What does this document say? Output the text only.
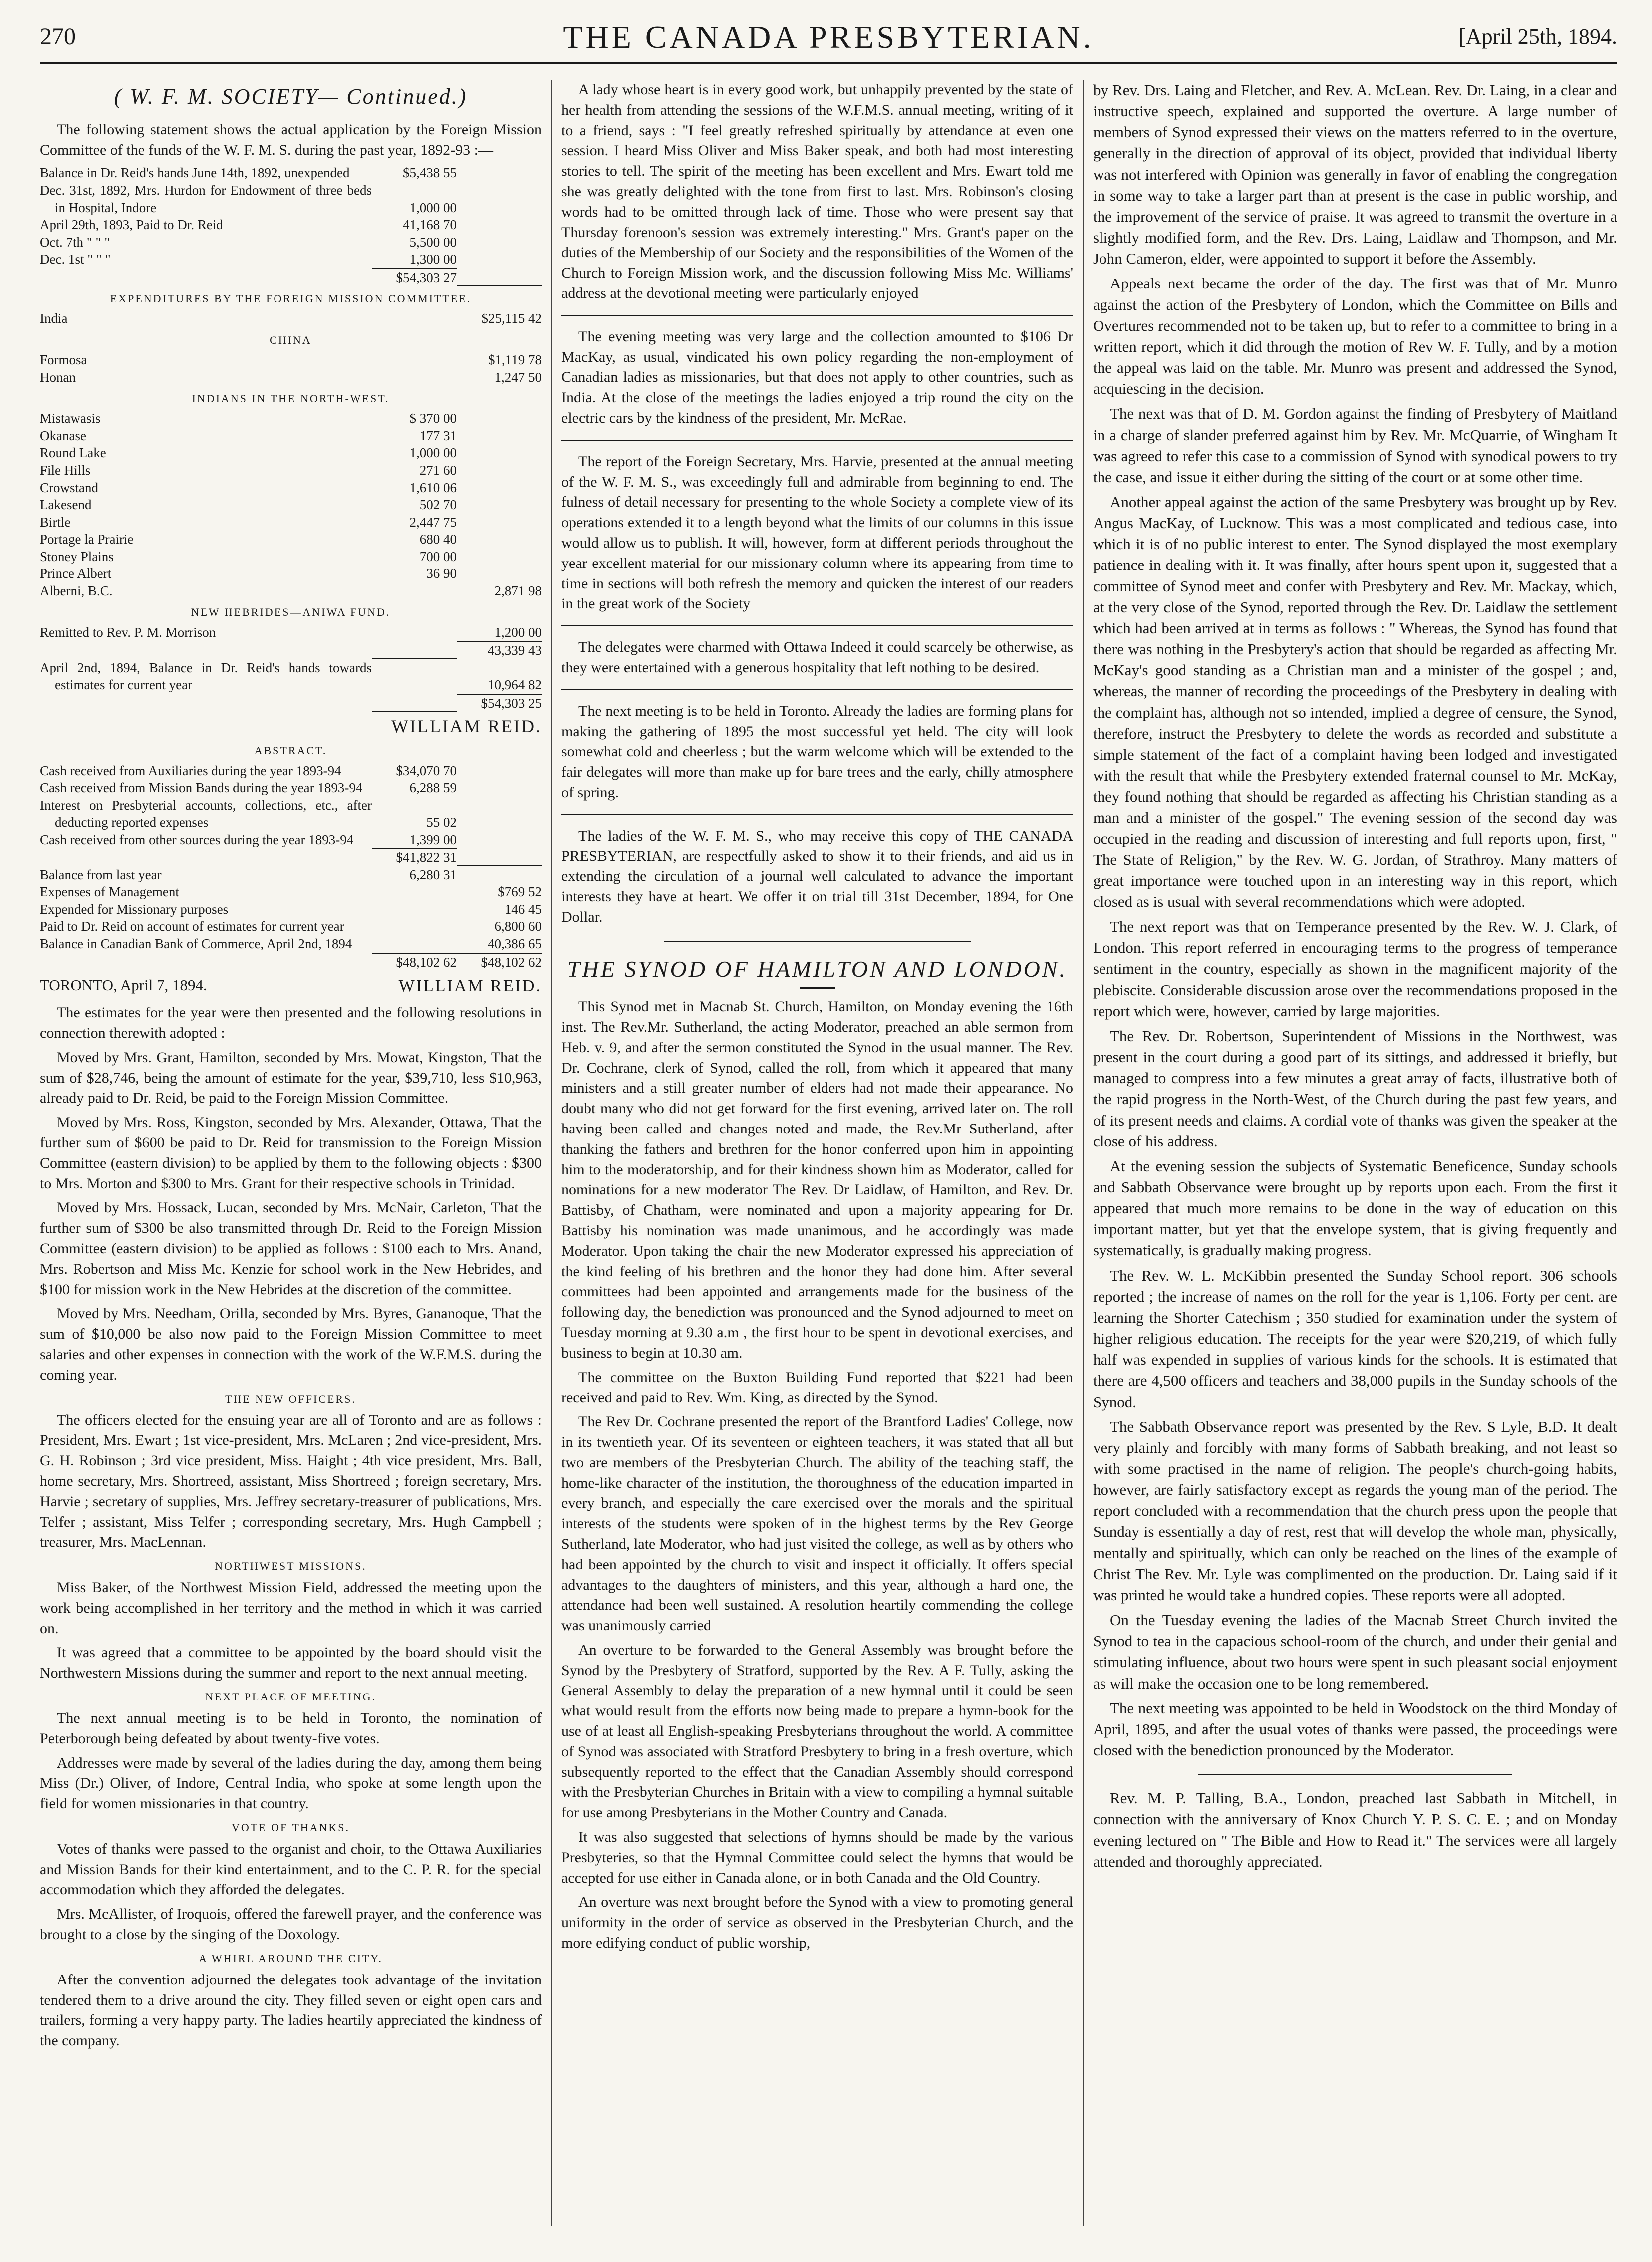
270	THE CANADA PRESBYTERIAN.	[April 25th, 1894.
( W. F. M. SOCIETY— Continued.)

The following statement shows the actual application by the Foreign Mission Committee of the funds of the W. F. M. S. during the past year, 1892-93 :—

Balance in Dr. Reid's hands June 14th, 1892, unexpended	$5,438 55
Dec. 31st, 1892, Mrs. Hurdon for Endowment of three beds in Hospital, Indore	1,000 00
April 29th, 1893, Paid to Dr. Reid	41,168 70
Oct. 7th " " "	5,500 00
Dec. 1st " " "	1,300 00
$54,303 27
EXPENDITURES BY THE FOREIGN MISSION COMMITTEE.
India	$25,115 42
CHINA
Formosa	$1,119 78
Honan	1,247 50
INDIANS IN THE NORTH-WEST.
Mistawasis	$ 370 00
Okanase	177 31
Round Lake	1,000 00
File Hills	271 60
Crowstand	1,610 06
Lakesend	502 70
Birtle	2,447 75
Portage la Prairie	680 40
Stoney Plains	700 00
Prince Albert	36 90
Alberni, B.C.	2,871 98
NEW HEBRIDES—ANIWA FUND.
Remitted to Rev. P. M. Morrison	1,200 00
43,339 43
April 2nd, 1894, Balance in Dr. Reid's hands towards estimates for current year	10,964 82
$54,303 25
WILLIAM REID.
ABSTRACT.
Cash received from Auxiliaries during the year 1893-94	$34,070 70
Cash received from Mission Bands during the year 1893-94	6,288 59
Interest on Presbyterial accounts, collections, etc., after deducting reported expenses	55 02
Cash received from other sources during the year 1893-94	1,399 00
$41,822 31
Balance from last year	6,280 31
Expenses of Management	$769 52
Expended for Missionary purposes	146 45
Paid to Dr. Reid on account of estimates for current year	6,800 60
Balance in Canadian Bank of Commerce, April 2nd, 1894	40,386 65
$48,102 62	$48,102 62
TORONTO, April 7, 1894.	WILLIAM REID.

The estimates for the year were then presented and the following resolutions in connection therewith adopted :

Moved by Mrs. Grant, Hamilton, seconded by Mrs. Mowat, Kingston, That the sum of $28,746, being the amount of estimate for the year, $39,710, less $10,963, already paid to Dr. Reid, be paid to the Foreign Mission Committee.

Moved by Mrs. Ross, Kingston, seconded by Mrs. Alexander, Ottawa, That the further sum of $600 be paid to Dr. Reid for transmission to the Foreign Mission Committee (eastern division) to be applied by them to the following objects : $300 to Mrs. Morton and $300 to Mrs. Grant for their respective schools in Trinidad.

Moved by Mrs. Hossack, Lucan, seconded by Mrs. McNair, Carleton, That the further sum of $300 be also transmitted through Dr. Reid to the Foreign Mission Committee (eastern division) to be applied as follows : $100 each to Mrs. Anand, Mrs. Robertson and Miss Mc. Kenzie for school work in the New Hebrides, and $100 for mission work in the New Hebrides at the discretion of the committee.

Moved by Mrs. Needham, Orilla, seconded by Mrs. Byres, Gananoque, That the sum of $10,000 be also now paid to the Foreign Mission Committee to meet salaries and other expenses in connection with the work of the W.F.M.S. during the coming year.

THE NEW OFFICERS.

The officers elected for the ensuing year are all of Toronto and are as follows : President, Mrs. Ewart ; 1st vice-president, Mrs. McLaren ; 2nd vice-president, Mrs. G. H. Robinson ; 3rd vice president, Miss. Haight ; 4th vice president, Mrs. Ball, home secretary, Mrs. Shortreed, assistant, Miss Shortreed ; foreign secretary, Mrs. Harvie ; secretary of supplies, Mrs. Jeffrey secretary-treasurer of publications, Mrs. Telfer ; assistant, Miss Telfer ; corresponding secretary, Mrs. Hugh Campbell ; treasurer, Mrs. MacLennan.

NORTHWEST MISSIONS.

Miss Baker, of the Northwest Mission Field, addressed the meeting upon the work being accomplished in her territory and the method in which it was carried on.

It was agreed that a committee to be appointed by the board should visit the Northwestern Missions during the summer and report to the next annual meeting.

NEXT PLACE OF MEETING.

The next annual meeting is to be held in Toronto, the nomination of Peterborough being defeated by about twenty-five votes.

Addresses were made by several of the ladies during the day, among them being Miss (Dr.) Oliver, of Indore, Central India, who spoke at some length upon the field for women missionaries in that country.

VOTE OF THANKS.

Votes of thanks were passed to the organist and choir, to the Ottawa Auxiliaries and Mission Bands for their kind entertainment, and to the C. P. R. for the special accommodation which they afforded the delegates.

Mrs. McAllister, of Iroquois, offered the farewell prayer, and the conference was brought to a close by the singing of the Doxology.

A WHIRL AROUND THE CITY.

After the convention adjourned the delegates took advantage of the invitation tendered them to a drive around the city. They filled seven or eight open cars and trailers, forming a very happy party. The ladies heartily appreciated the kindness of the company.

A lady whose heart is in every good work, but unhappily prevented by the state of her health from attending the sessions of the W.F.M.S. annual meeting, writing of it to a friend, says : "I feel greatly refreshed spiritually by attendance at even one session. I heard Miss Oliver and Miss Baker speak, and both had most interesting stories to tell. The spirit of the meeting has been excellent and Mrs. Ewart told me she was greatly delighted with the tone from first to last. Mrs. Robinson's closing words had to be omitted through lack of time. Those who were present say that Thursday forenoon's session was extremely interesting." Mrs. Grant's paper on the duties of the Membership of our Society and the responsibilities of the Women of the Church to Foreign Mission work, and the discussion following Miss Mc. Williams' address at the devotional meeting were particularly enjoyed

The evening meeting was very large and the collection amounted to $106 Dr MacKay, as usual, vindicated his own policy regarding the non-employment of Canadian ladies as missionaries, but that does not apply to other countries, such as India. At the close of the meetings the ladies enjoyed a trip round the city on the electric cars by the kindness of the president, Mr. McRae.

The report of the Foreign Secretary, Mrs. Harvie, presented at the annual meeting of the W. F. M. S., was exceedingly full and admirable from beginning to end. The fulness of detail necessary for presenting to the whole Society a complete view of its operations extended it to a length beyond what the limits of our columns in this issue would allow us to publish. It will, however, form at different periods throughout the year excellent material for our missionary column where its appearing from time to time in sections will both refresh the memory and quicken the interest of our readers in the great work of the Society

The delegates were charmed with Ottawa Indeed it could scarcely be otherwise, as they were entertained with a generous hospitality that left nothing to be desired.

The next meeting is to be held in Toronto. Already the ladies are forming plans for making the gathering of 1895 the most successful yet held. The city will look somewhat cold and cheerless ; but the warm welcome which will be extended to the fair delegates will more than make up for bare trees and the early, chilly atmosphere of spring.

The ladies of the W. F. M. S., who may receive this copy of THE CANADA PRESBYTERIAN, are respectfully asked to show it to their friends, and aid us in extending the circulation of a journal well calculated to advance the important interests they have at heart. We offer it on trial till 31st December, 1894, for One Dollar.

THE SYNOD OF HAMILTON AND LONDON.

This Synod met in Macnab St. Church, Hamilton, on Monday evening the 16th inst. The Rev.Mr. Sutherland, the acting Moderator, preached an able sermon from Heb. v. 9, and after the sermon constituted the Synod in the usual manner. The Rev. Dr. Cochrane, clerk of Synod, called the roll, from which it appeared that many ministers and a still greater number of elders had not made their appearance. No doubt many who did not get forward for the first evening, arrived later on. The roll having been called and changes noted and made, the Rev.Mr Sutherland, after thanking the fathers and brethren for the honor conferred upon him in appointing him to the moderatorship, and for their kindness shown him as Moderator, called for nominations for a new moderator The Rev. Dr Laidlaw, of Hamilton, and Rev. Dr. Battisby, of Chatham, were nominated and upon a majority appearing for Dr. Battisby his nomination was made unanimous, and he accordingly was made Moderator. Upon taking the chair the new Moderator expressed his appreciation of the kind feeling of his brethren and the honor they had done him. After several committees had been appointed and arrangements made for the business of the following day, the benediction was pronounced and the Synod adjourned to meet on Tuesday morning at 9.30 a.m , the first hour to be spent in devotional exercises, and business to begin at 10.30 am.

The committee on the Buxton Building Fund reported that $221 had been received and paid to Rev. Wm. King, as directed by the Synod.

The Rev Dr. Cochrane presented the report of the Brantford Ladies' College, now in its twentieth year. Of its seventeen or eighteen teachers, it was stated that all but two are members of the Presbyterian Church. The ability of the teaching staff, the home-like character of the institution, the thoroughness of the education imparted in every branch, and especially the care exercised over the morals and the spiritual interests of the students were spoken of in the highest terms by the Rev George Sutherland, late Moderator, who had just visited the college, as well as by others who had been appointed by the church to visit and inspect it officially. It offers special advantages to the daughters of ministers, and this year, although a hard one, the attendance had been well sustained. A resolution heartily commending the college was unanimously carried

An overture to be forwarded to the General Assembly was brought before the Synod by the Presbytery of Stratford, supported by the Rev. A F. Tully, asking the General Assembly to delay the preparation of a new hymnal until it could be seen what would result from the efforts now being made to prepare a hymn-book for the use of at least all English-speaking Presbyterians throughout the world. A committee of Synod was associated with Stratford Presbytery to bring in a fresh overture, which subsequently reported to the effect that the Canadian Assembly should correspond with the Presbyterian Churches in Britain with a view to compiling a hymnal suitable for use among Presbyterians in the Mother Country and Canada.

It was also suggested that selections of hymns should be made by the various Presbyteries, so that the Hymnal Committee could select the hymns that would be accepted for use either in Canada alone, or in both Canada and the Old Country.

An overture was next brought before the Synod with a view to promoting general uniformity in the order of service as observed in the Presbyterian Church, and the more edifying conduct of public worship,

by Rev. Drs. Laing and Fletcher, and Rev. A. McLean. Rev. Dr. Laing, in a clear and instructive speech, explained and supported the overture. A large number of members of Synod expressed their views on the matters referred to in the overture, generally in the direction of approval of its object, provided that individual liberty was not interfered with Opinion was generally in favor of enabling the congregation in some way to take a larger part than at present is the case in public worship, and the improvement of the service of praise. It was agreed to transmit the overture in a slightly modified form, and the Rev. Drs. Laing, Laidlaw and Thompson, and Mr. John Cameron, elder, were appointed to support it before the Assembly.

Appeals next became the order of the day. The first was that of Mr. Munro against the action of the Presbytery of London, which the Committee on Bills and Overtures recommended not to be taken up, but to refer to a committee to bring in a written report, which it did through the motion of Rev W. F. Tully, and by a motion the appeal was laid on the table. Mr. Munro was present and addressed the Synod, acquiescing in the decision.

The next was that of D. M. Gordon against the finding of Presbytery of Maitland in a charge of slander preferred against him by Rev. Mr. McQuarrie, of Wingham It was agreed to refer this case to a commission of Synod with synodical powers to try the case, and issue it either during the sitting of the court or at some other time.

Another appeal against the action of the same Presbytery was brought up by Rev. Angus MacKay, of Lucknow. This was a most complicated and tedious case, into which it is of no public interest to enter. The Synod displayed the most exemplary patience in dealing with it. It was finally, after hours spent upon it, suggested that a committee of Synod meet and confer with Presbytery and Rev. Mr. Mackay, which, at the very close of the Synod, reported through the Rev. Dr. Laidlaw the settlement which had been arrived at in terms as follows : " Whereas, the Synod has found that there was nothing in the Presbytery's action that should be regarded as affecting Mr. McKay's good standing as a Christian man and a minister of the gospel ; and, whereas, the manner of recording the proceedings of the Presbytery in dealing with the complaint has, although not so intended, implied a degree of censure, the Synod, therefore, instruct the Presbytery to delete the words as recorded and substitute a simple statement of the fact of a complaint having been lodged and investigated with the result that while the Presbytery extended fraternal counsel to Mr. McKay, they found nothing that should be regarded as affecting his Christian standing as a man and a minister of the gospel." The evening session of the second day was occupied in the reading and discussion of interesting and full reports upon, first, " The State of Religion," by the Rev. W. G. Jordan, of Strathroy. Many matters of great importance were touched upon in an interesting way in this report, which closed as is usual with several recommendations which were adopted.

The next report was that on Temperance presented by the Rev. W. J. Clark, of London. This report referred in encouraging terms to the progress of temperance sentiment in the country, especially as shown in the magnificent majority of the plebiscite. Considerable discussion arose over the recommendations proposed in the report which were, however, carried by large majorities.

The Rev. Dr. Robertson, Superintendent of Missions in the Northwest, was present in the court during a good part of its sittings, and addressed it briefly, but managed to compress into a few minutes a great array of facts, illustrative both of the rapid progress in the North-West, of the Church during the past few years, and of its present needs and claims. A cordial vote of thanks was given the speaker at the close of his address.

At the evening session the subjects of Systematic Beneficence, Sunday schools and Sabbath Observance were brought up by reports upon each. From the first it appeared that much more remains to be done in the way of education on this important matter, but yet that the envelope system, that is giving frequently and systematically, is gradually making progress.

The Rev. W. L. McKibbin presented the Sunday School report. 306 schools reported ; the increase of names on the roll for the year is 1,106. Forty per cent. are learning the Shorter Catechism ; 350 studied for examination under the system of higher religious education. The receipts for the year were $20,219, of which fully half was expended in supplies of various kinds for the schools. It is estimated that there are 4,500 officers and teachers and 38,000 pupils in the Sunday schools of the Synod.

The Sabbath Observance report was presented by the Rev. S Lyle, B.D. It dealt very plainly and forcibly with many forms of Sabbath breaking, and not least so with some practised in the name of religion. The people's church-going habits, however, are fairly satisfactory except as regards the young man of the period. The report concluded with a recommendation that the church press upon the people that Sunday is essentially a day of rest, rest that will develop the whole man, physically, mentally and spiritually, which can only be reached on the lines of the example of Christ The Rev. Mr. Lyle was complimented on the production. Dr. Laing said if it was printed he would take a hundred copies. These reports were all adopted.

On the Tuesday evening the ladies of the Macnab Street Church invited the Synod to tea in the capacious school-room of the church, and under their genial and stimulating influence, about two hours were spent in such pleasant social enjoyment as will make the occasion one to be long remembered.

The next meeting was appointed to be held in Woodstock on the third Monday of April, 1895, and after the usual votes of thanks were passed, the proceedings were closed with the benediction pronounced by the Moderator.

Rev. M. P. Talling, B.A., London, preached last Sabbath in Mitchell, in connection with the anniversary of Knox Church Y. P. S. C. E. ; and on Monday evening lectured on " The Bible and How to Read it." The services were all largely attended and thoroughly appreciated.
